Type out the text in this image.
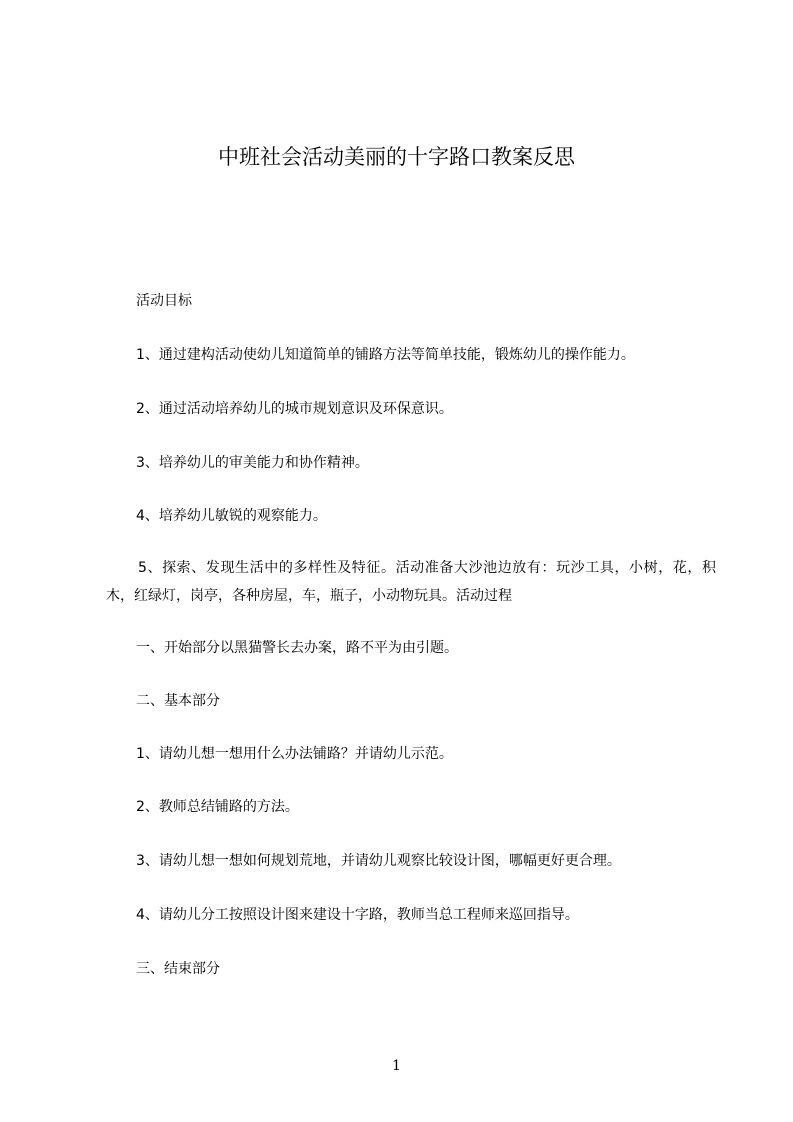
中班社会活动美丽的十字路口教案反思
活动目标
1、通过建构活动使幼儿知道简单的铺路方法等简单技能，锻炼幼儿的操作能力。
2、通过活动培养幼儿的城市规划意识及环保意识。
3、培养幼儿的审美能力和协作精神。
4、培养幼儿敏锐的观察能力。
5、探索、发现生活中的多样性及特征。活动准备大沙池边放有：玩沙工具，小树，花，积木，红绿灯，岗亭，各种房屋，车，瓶子，小动物玩具。活动过程
一、开始部分以黑猫警长去办案，路不平为由引题。
二、基本部分
1、请幼儿想一想用什么办法铺路？并请幼儿示范。
2、教师总结铺路的方法。
3、请幼儿想一想如何规划荒地，并请幼儿观察比较设计图，哪幅更好更合理。
4、请幼儿分工按照设计图来建设十字路，教师当总工程师来巡回指导。
三、结束部分
1
